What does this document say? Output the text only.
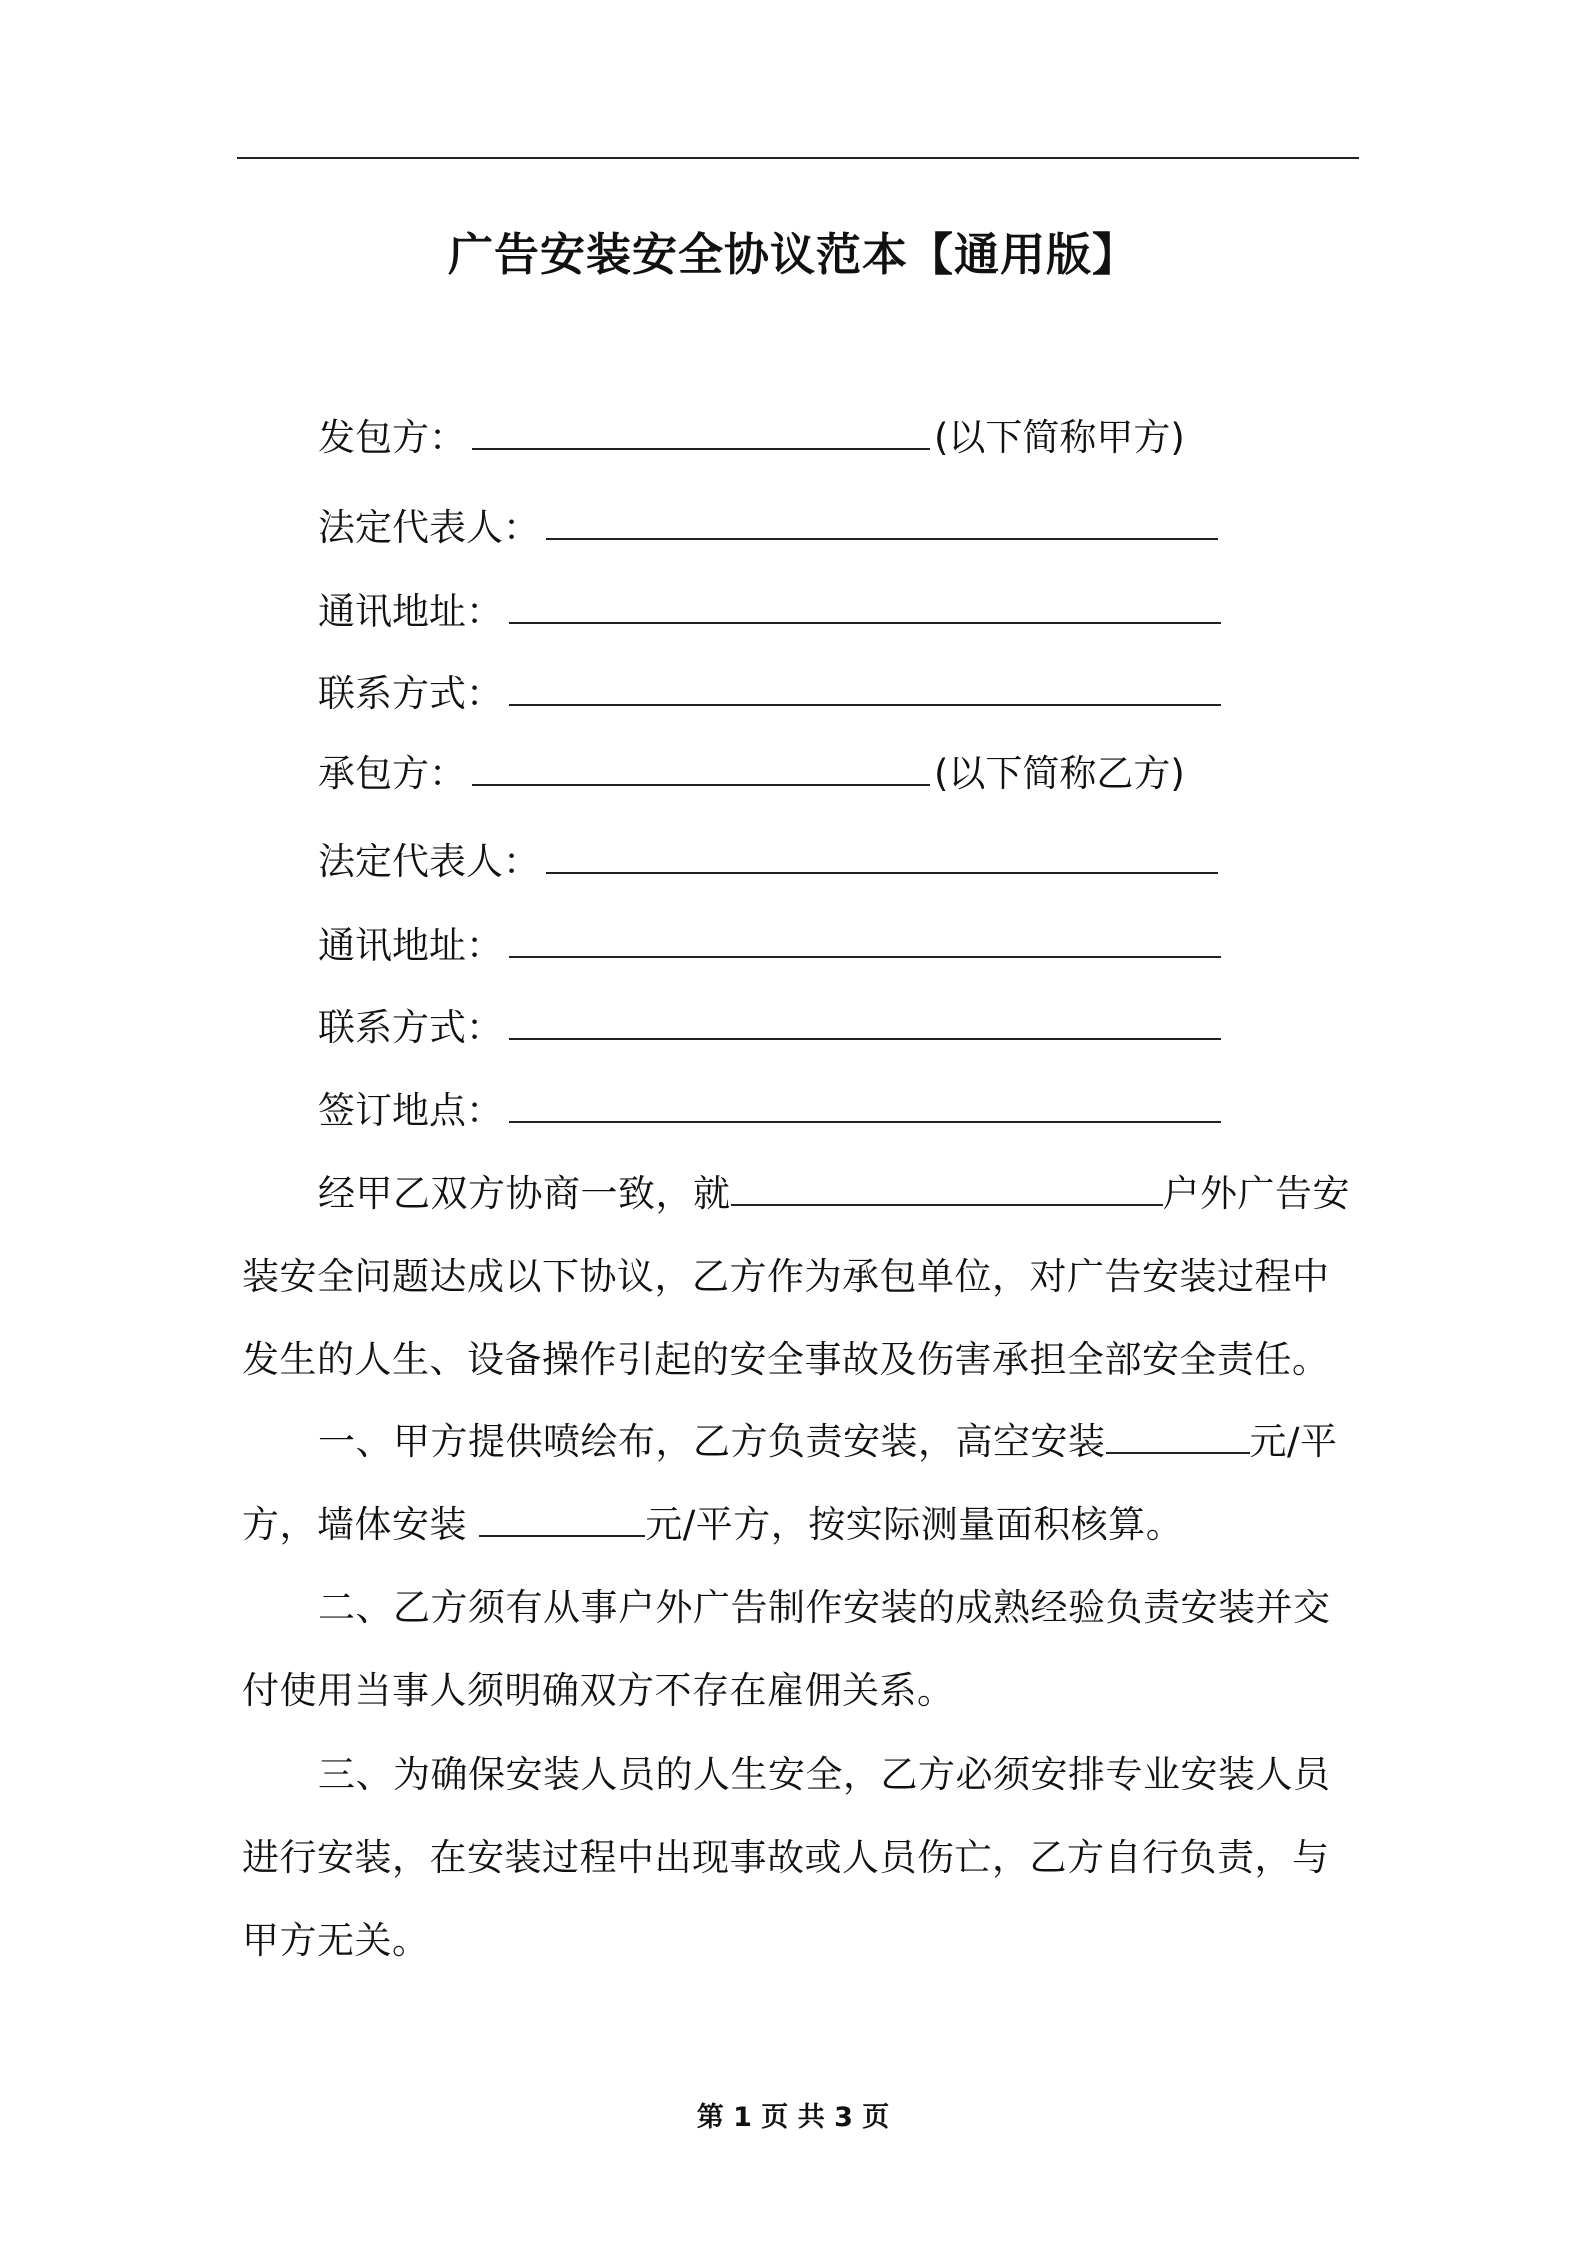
广告安装安全协议范本【通用版】
发包方：	(以下简称甲方)
法定代表人：
通讯地址：
联系方式：
承包方：	(以下简称乙方)
法定代表人：
通讯地址：
联系方式：
签订地点：
经甲乙双方协商一致，就	户外广告安装安全问题达成以下协议，乙方作为承包单位，对广告安装过程中发生的人生、设备操作引起的安全事故及伤害承担全部安全责任。
一、甲方提供喷绘布，乙方负责安装，高空安装	元/平方，墙体安装	元/平方，按实际测量面积核算。
二、乙方须有从事户外广告制作安装的成熟经验负责安装并交付使用当事人须明确双方不存在雇佣关系。
三、为确保安装人员的人生安全，乙方必须安排专业安装人员进行安装，在安装过程中出现事故或人员伤亡，乙方自行负责，与甲方无关。
第 1 页 共 3 页
